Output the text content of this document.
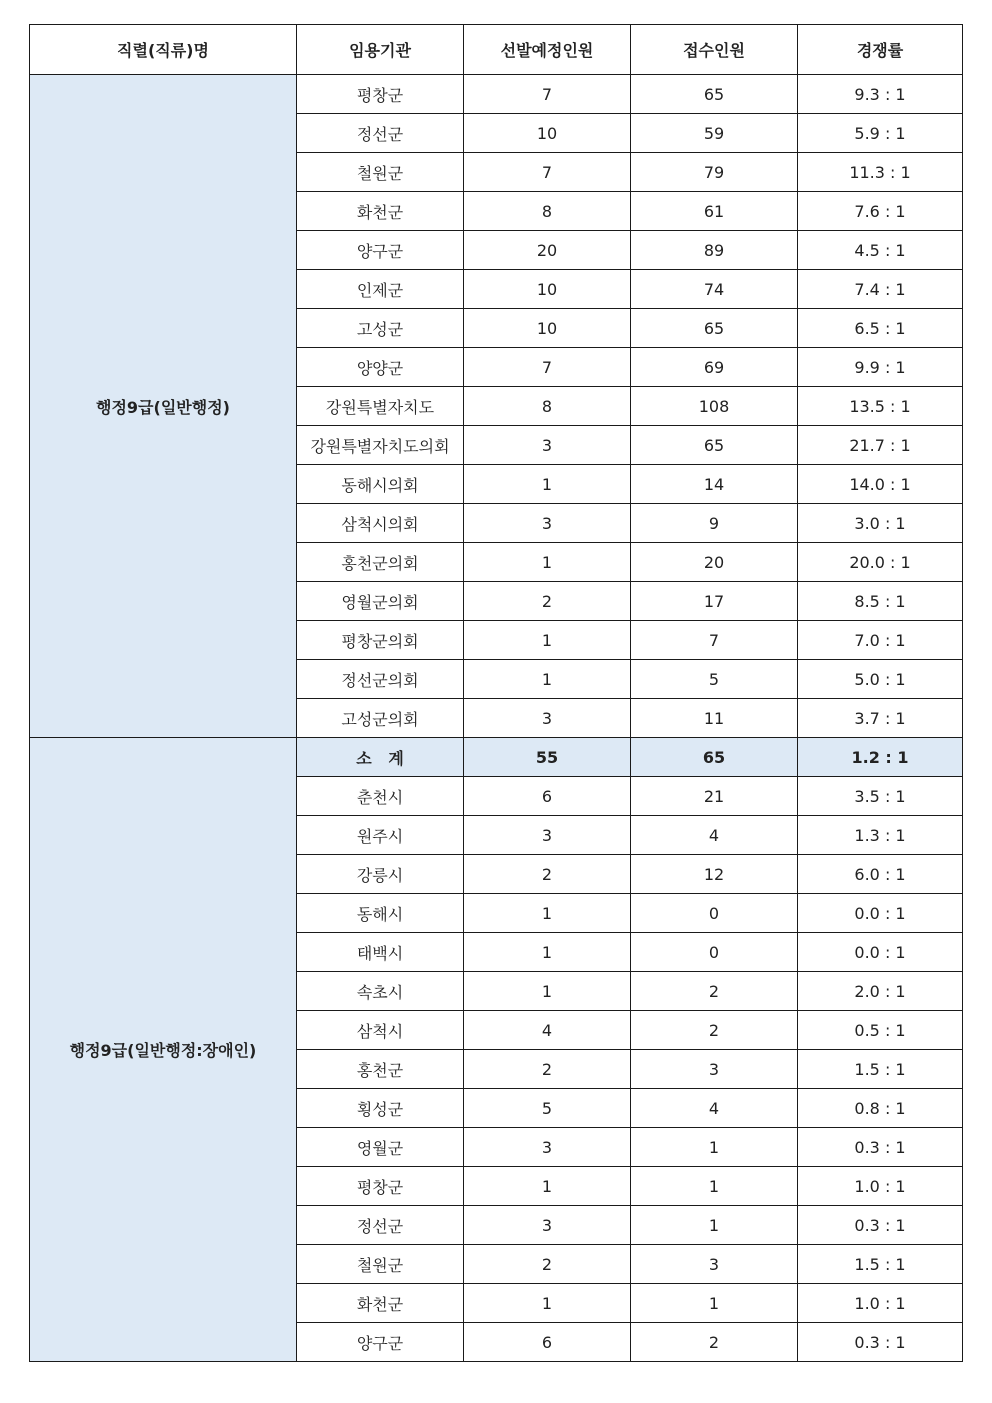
직렬(직류)명	임용기관	선발예정인원	접수인원	경쟁률
행정9급(일반행정)	평창군	7	65	9.3 : 1
	정선군	10	59	5.9 : 1
	철원군	7	79	11.3 : 1
	화천군	8	61	7.6 : 1
	양구군	20	89	4.5 : 1
	인제군	10	74	7.4 : 1
	고성군	10	65	6.5 : 1
	양양군	7	69	9.9 : 1
	강원특별자치도	8	108	13.5 : 1
	강원특별자치도의회	3	65	21.7 : 1
	동해시의회	1	14	14.0 : 1
	삼척시의회	3	9	3.0 : 1
	홍천군의회	1	20	20.0 : 1
	영월군의회	2	17	8.5 : 1
	평창군의회	1	7	7.0 : 1
	정선군의회	1	5	5.0 : 1
	고성군의회	3	11	3.7 : 1
행정9급(일반행정:장애인)	소   계	55	65	1.2 : 1
	춘천시	6	21	3.5 : 1
	원주시	3	4	1.3 : 1
	강릉시	2	12	6.0 : 1
	동해시	1	0	0.0 : 1
	태백시	1	0	0.0 : 1
	속초시	1	2	2.0 : 1
	삼척시	4	2	0.5 : 1
	홍천군	2	3	1.5 : 1
	횡성군	5	4	0.8 : 1
	영월군	3	1	0.3 : 1
	평창군	1	1	1.0 : 1
	정선군	3	1	0.3 : 1
	철원군	2	3	1.5 : 1
	화천군	1	1	1.0 : 1
	양구군	6	2	0.3 : 1
